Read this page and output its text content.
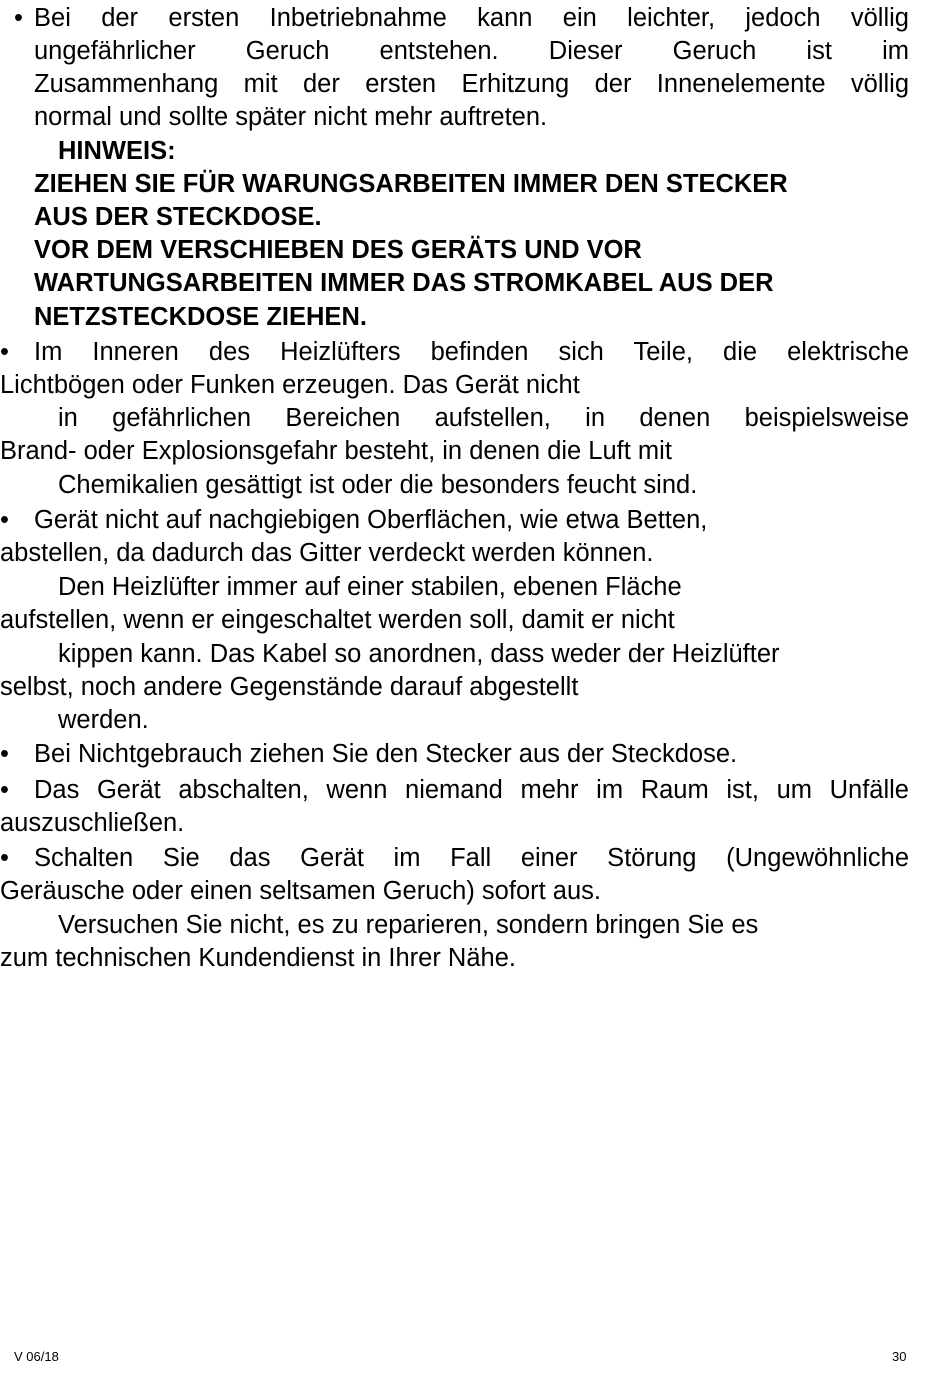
• Bei der ersten Inbetriebnahme kann ein leichter, jedoch völlig
ungefährlicher Geruch entstehen. Dieser Geruch ist im
Zusammenhang mit der ersten Erhitzung der Innenelemente völlig
normal und sollte später nicht mehr auftreten.
HINWEIS:
ZIEHEN SIE FÜR WARUNGSARBEITEN IMMER DEN STECKER
AUS DER STECKDOSE.
VOR DEM VERSCHIEBEN DES GERÄTS UND VOR
WARTUNGSARBEITEN IMMER DAS STROMKABEL AUS DER
NETZSTECKDOSE ZIEHEN.
• Im Inneren des Heizlüfters befinden sich Teile, die elektrische
Lichtbögen oder Funken erzeugen. Das Gerät nicht
in gefährlichen Bereichen aufstellen, in denen beispielsweise
Brand- oder Explosionsgefahr besteht, in denen die Luft mit
Chemikalien gesättigt ist oder die besonders feucht sind.
• Gerät nicht auf nachgiebigen Oberflächen, wie etwa Betten,
abstellen, da dadurch das Gitter verdeckt werden können.
Den Heizlüfter immer auf einer stabilen, ebenen Fläche
aufstellen, wenn er eingeschaltet werden soll, damit er nicht
kippen kann. Das Kabel so anordnen, dass weder der Heizlüfter
selbst, noch andere Gegenstände darauf abgestellt
werden.
• Bei Nichtgebrauch ziehen Sie den Stecker aus der Steckdose.
• Das Gerät abschalten, wenn niemand mehr im Raum ist, um Unfälle
auszuschließen.
• Schalten Sie das Gerät im Fall einer Störung (Ungewöhnliche
Geräusche oder einen seltsamen Geruch) sofort aus.
Versuchen Sie nicht, es zu reparieren, sondern bringen Sie es
zum technischen Kundendienst in Ihrer Nähe.
V 06/18	30
